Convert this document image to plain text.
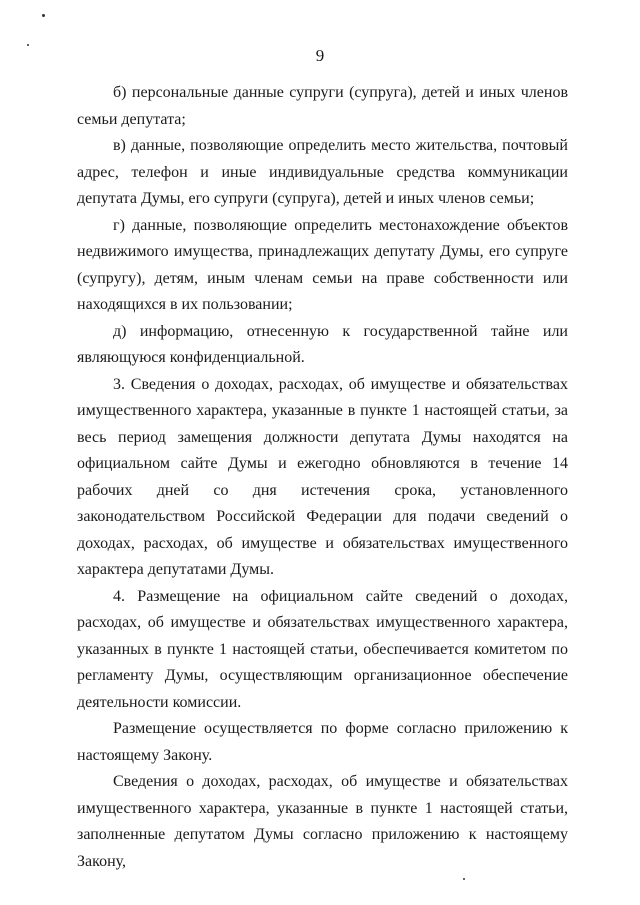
9

б) персональные данные супруги (супруга), детей и иных членов семьи депутата;

в) данные, позволяющие определить место жительства, почтовый адрес, телефон и иные индивидуальные средства коммуникации депутата Думы, его супруги (супруга), детей и иных членов семьи;

г) данные, позволяющие определить местонахождение объектов недвижимого имущества, принадлежащих депутату Думы, его супруге (супругу), детям, иным членам семьи на праве собственности или находящихся в их пользовании;

д) информацию, отнесенную к государственной тайне или являющуюся конфиденциальной.

3. Сведения о доходах, расходах, об имуществе и обязательствах имущественного характера, указанные в пункте 1 настоящей статьи, за весь период замещения должности депутата Думы находятся на официальном сайте Думы и ежегодно обновляются в течение 14 рабочих дней со дня истечения срока, установленного законодательством Российской Федерации для подачи сведений о доходах, расходах, об имуществе и обязательствах имущественного характера депутатами Думы.

4. Размещение на официальном сайте сведений о доходах, расходах, об имуществе и обязательствах имущественного характера, указанных в пункте 1 настоящей статьи, обеспечивается комитетом по регламенту Думы, осуществляющим организационное обеспечение деятельности комиссии.

Размещение осуществляется по форме согласно приложению к настоящему Закону.

Сведения о доходах, расходах, об имуществе и обязательствах имущественного характера, указанные в пункте 1 настоящей статьи, заполненные депутатом Думы согласно приложению к настоящему Закону,
